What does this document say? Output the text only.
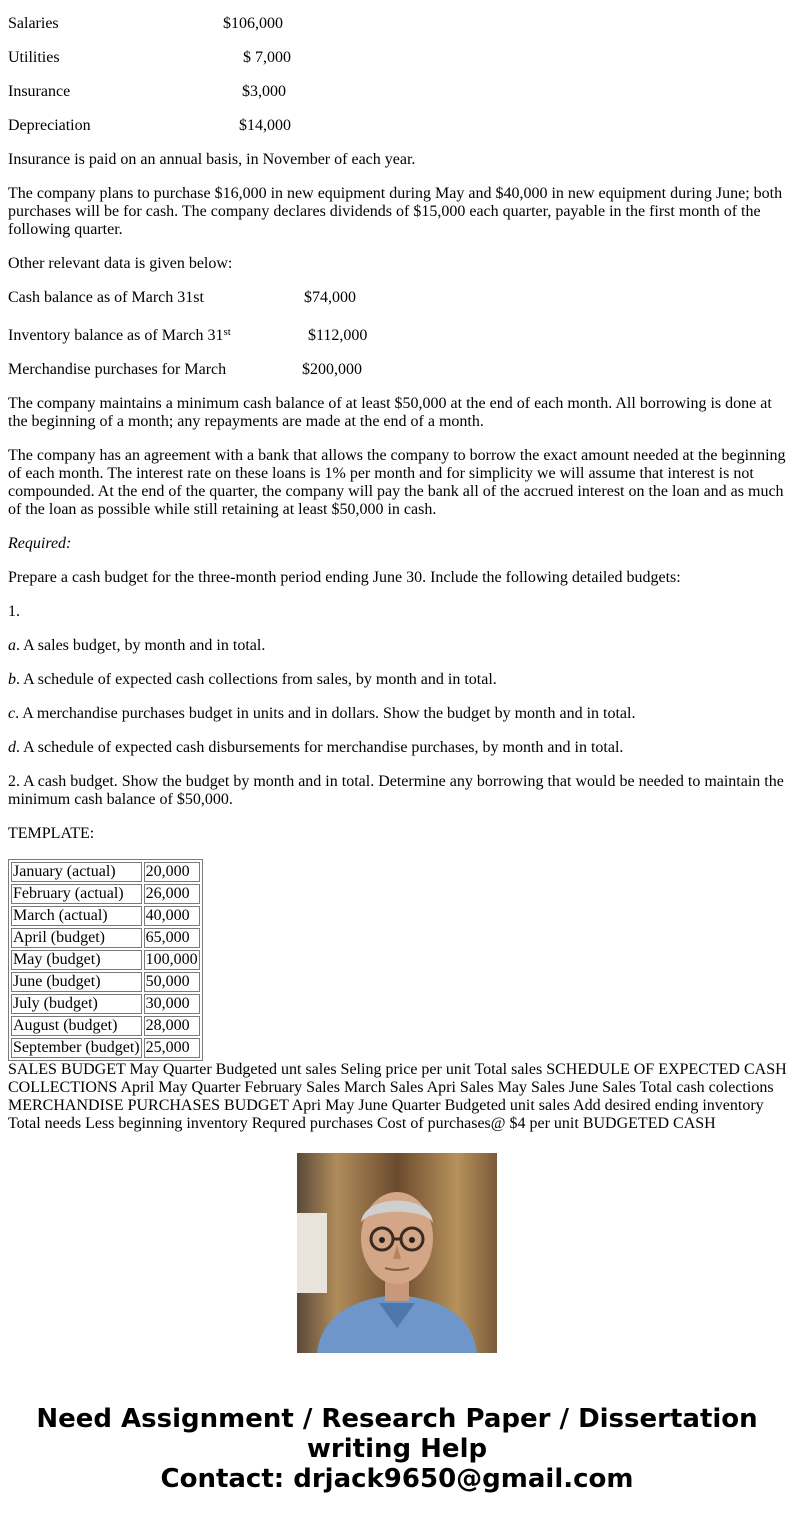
Salaries	$106,000
Utilities	$ 7,000
Insurance	$3,000
Depreciation	$14,000
Insurance is paid on an annual basis, in November of each year.
The company plans to purchase $16,000 in new equipment during May and $40,000 in new equipment during June; both purchases will be for cash. The company declares dividends of $15,000 each quarter, payable in the first month of the following quarter.
Other relevant data is given below:
Cash balance as of March 31st	$74,000
Inventory balance as of March 31st	$112,000
Merchandise purchases for March	$200,000
The company maintains a minimum cash balance of at least $50,000 at the end of each month. All borrowing is done at the beginning of a month; any repayments are made at the end of a month.
The company has an agreement with a bank that allows the company to borrow the exact amount needed at the beginning of each month. The interest rate on these loans is 1% per month and for simplicity we will assume that interest is not compounded. At the end of the quarter, the company will pay the bank all of the accrued interest on the loan and as much of the loan as possible while still retaining at least $50,000 in cash.
Required:
Prepare a cash budget for the three-month period ending June 30. Include the following detailed budgets:
1.
a. A sales budget, by month and in total.
b. A schedule of expected cash collections from sales, by month and in total.
c. A merchandise purchases budget in units and in dollars. Show the budget by month and in total.
d. A schedule of expected cash disbursements for merchandise purchases, by month and in total.
2. A cash budget. Show the budget by month and in total. Determine any borrowing that would be needed to maintain the minimum cash balance of $50,000.
TEMPLATE:
January (actual)	20,000
February (actual)	26,000
March (actual)	40,000
April (budget)	65,000
May (budget)	100,000
June (budget)	50,000
July (budget)	30,000
August (budget)	28,000
September (budget)	25,000
SALES BUDGET May Quarter Budgeted unt sales Seling price per unit Total sales SCHEDULE OF EXPECTED CASH COLLECTIONS April May Quarter February Sales March Sales Apri Sales May Sales June Sales Total cash colections MERCHANDISE PURCHASES BUDGET Apri May June Quarter Budgeted unit sales Add desired ending inventory Total needs Less beginning inventory Requred purchases Cost of purchases@ $4 per unit BUDGETED CASH
Need Assignment / Research Paper / Dissertation
writing Help
Contact: drjack9650@gmail.com
